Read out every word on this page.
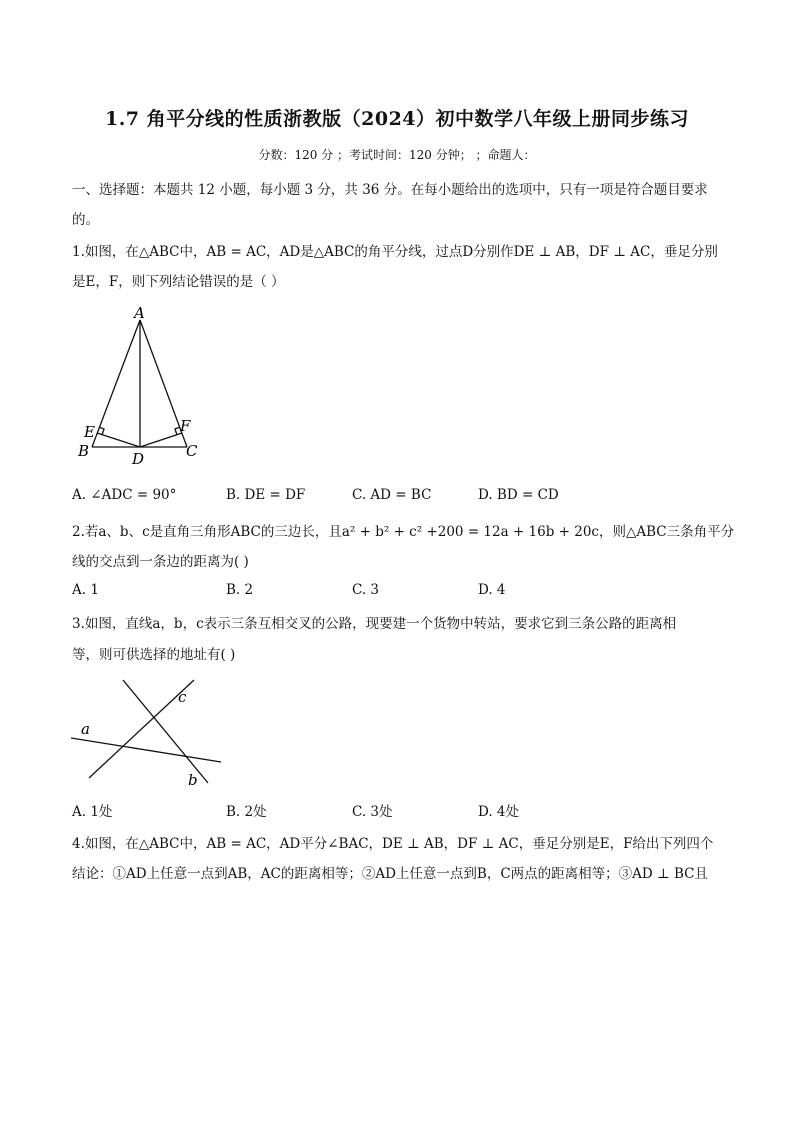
1.7 角平分线的性质浙教版（2024）初中数学八年级上册同步练习
分数：120 分 ；考试时间：120 分钟； ；命题人：
一、选择题：本题共 12 小题，每小题 3 分，共 36 分。在每小题给出的选项中，只有一项是符合题目要求
的。
1.如图，在△ABC中，AB = AC，AD是△ABC的角平分线，过点D分别作DE ⊥ AB，DF ⊥ AC，垂足分别
是E，F，则下列结论错误的是（ ）
A
B	C
D
E	F
A. ∠ADC = 90°	B. DE = DF	C. AD = BC	D. BD = CD
2.若a、b、c是直角三角形ABC的三边长，且a² + b² + c² +200 = 12a + 16b + 20c，则△ABC三条角平分
线的交点到一条边的距离为( )
A. 1	B. 2	C. 3	D. 4
3.如图，直线a，b，c表示三条互相交叉的公路，现要建一个货物中转站，要求它到三条公路的距离相
等，则可供选择的地址有( )
a
b
c
A. 1处	B. 2处	C. 3处	D. 4处
4.如图，在△ABC中，AB = AC，AD平分∠BAC，DE ⊥ AB，DF ⊥ AC，垂足分别是E，F给出下列四个
结论：①AD上任意一点到AB，AC的距离相等；②AD上任意一点到B，C两点的距离相等；③AD ⊥ BC且
